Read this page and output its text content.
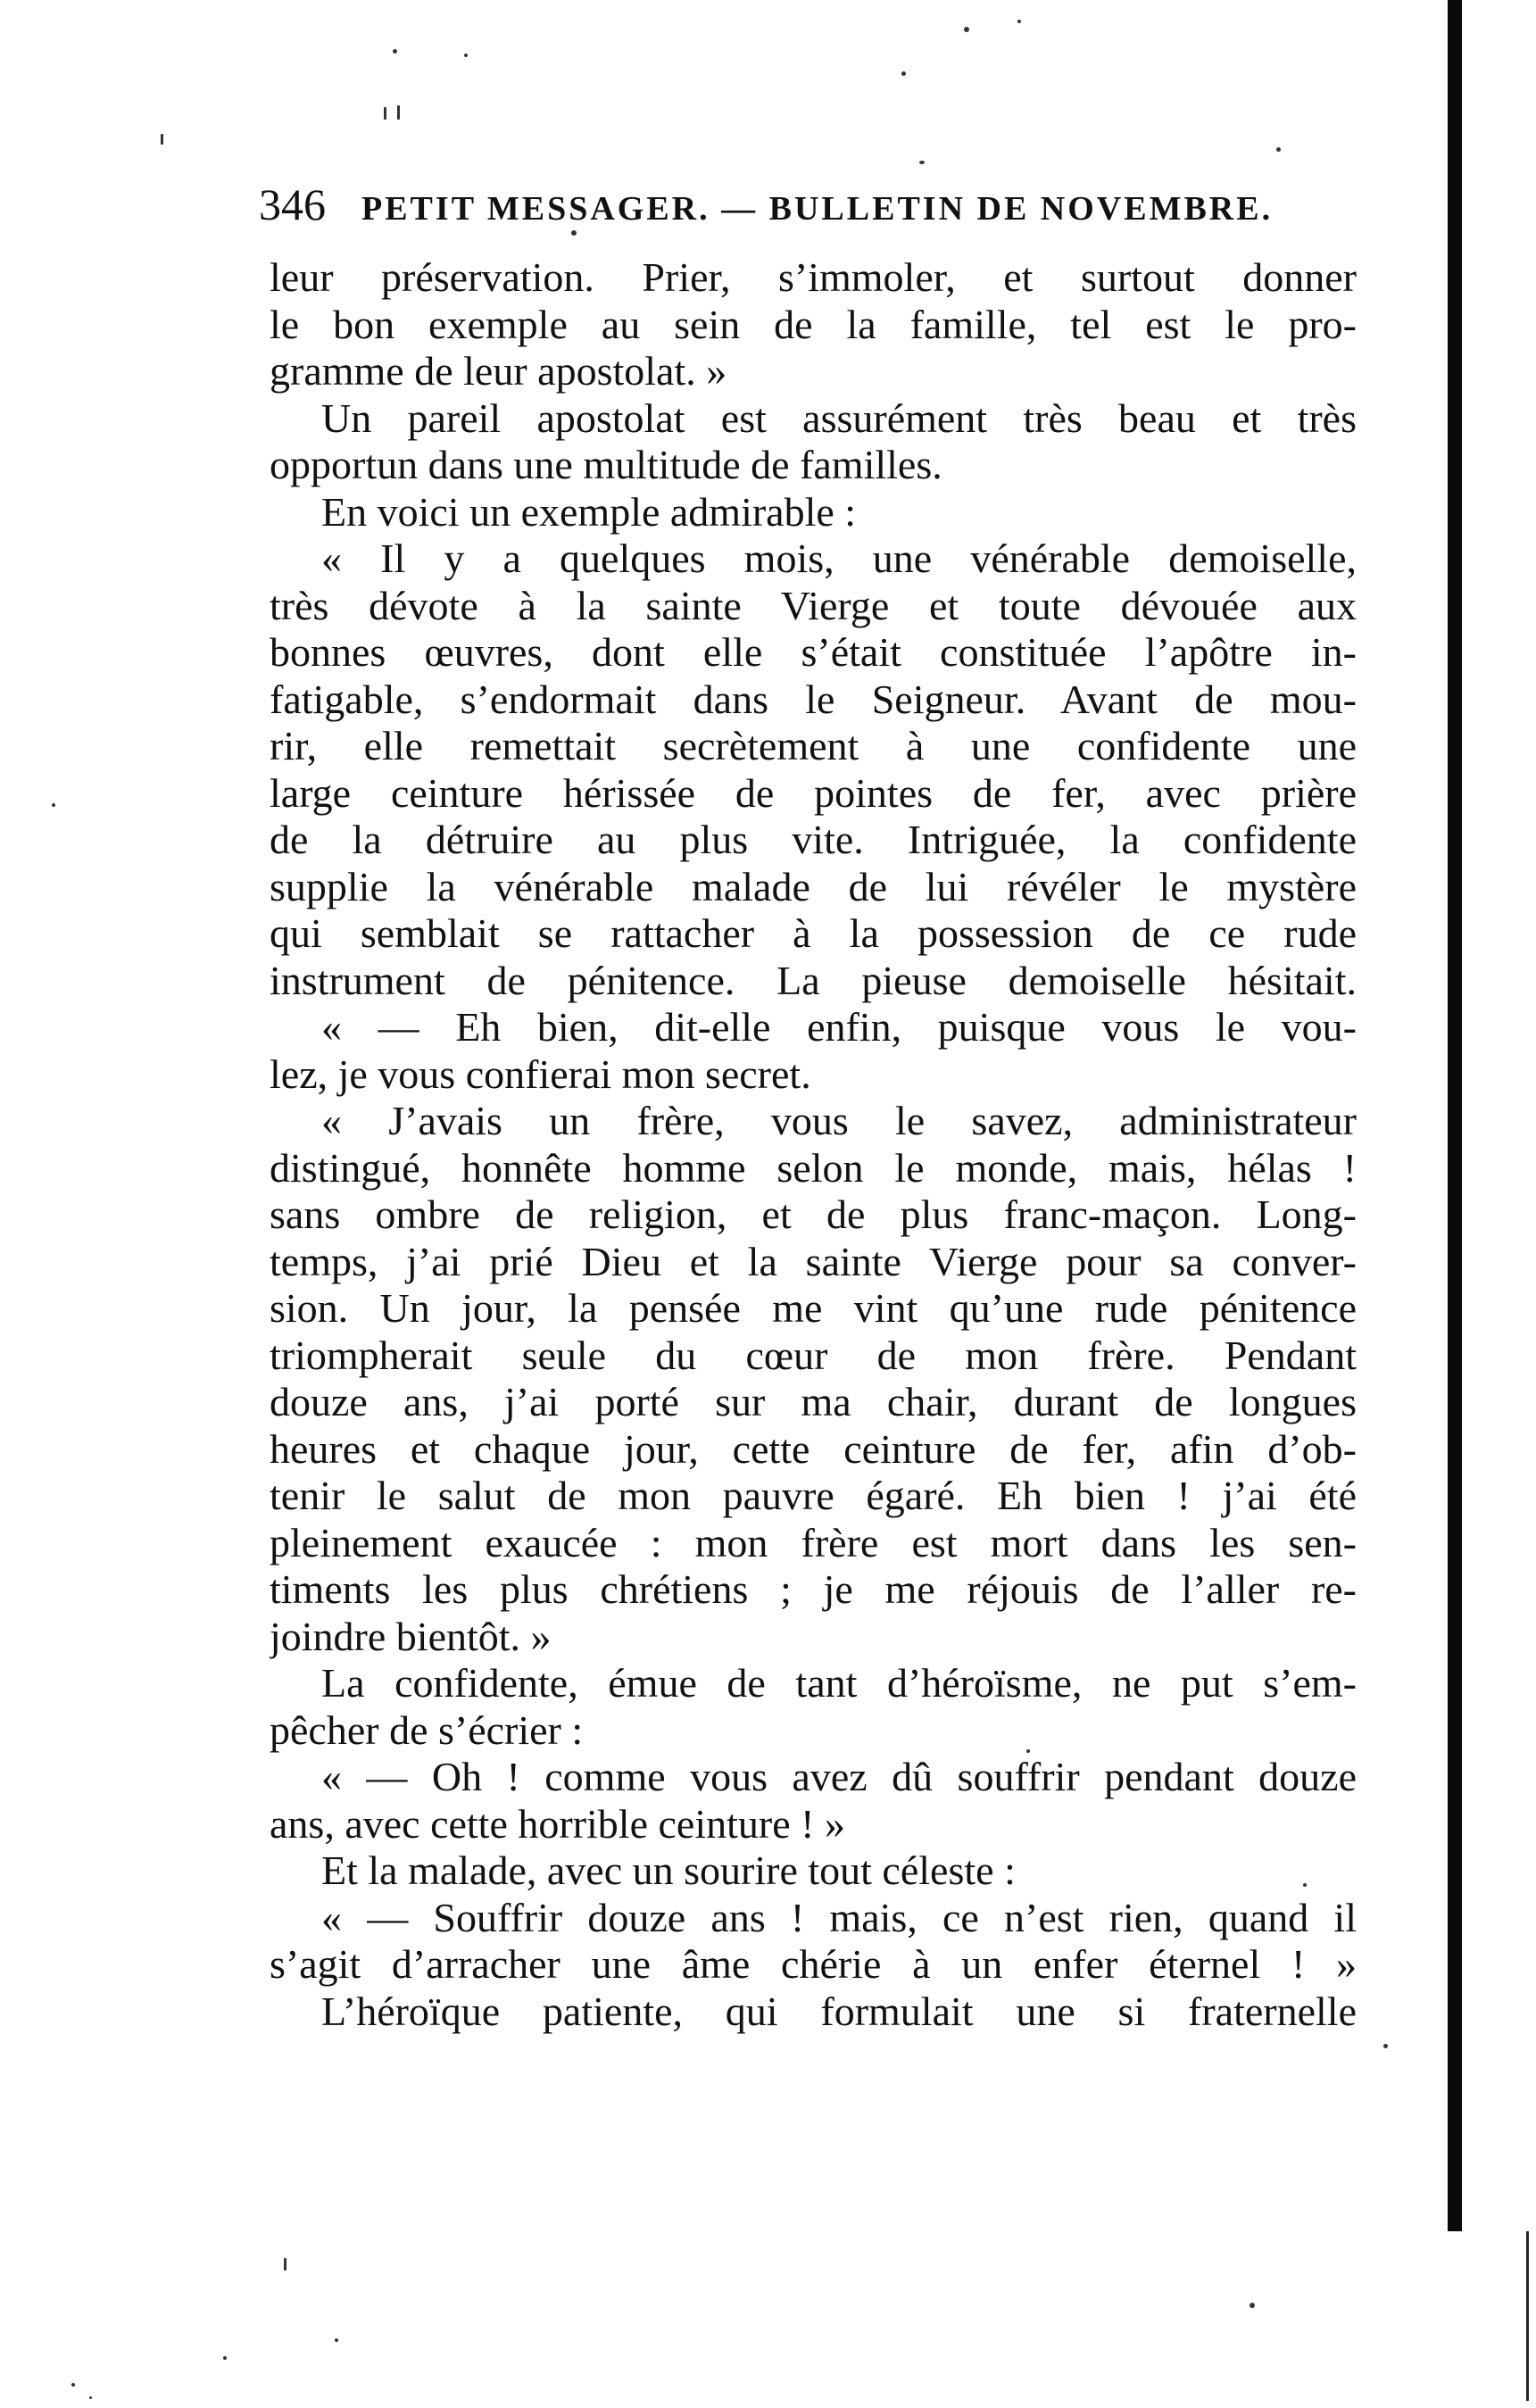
346 PETIT MESSAGER. — BULLETIN DE NOVEMBRE.
leur préservation. Prier, s’immoler, et surtout donner
le bon exemple au sein de la famille, tel est le pro-
gramme de leur apostolat. »
Un pareil apostolat est assurément très beau et très
opportun dans une multitude de familles.
En voici un exemple admirable :
« Il y a quelques mois, une vénérable demoiselle,
très dévote à la sainte Vierge et toute dévouée aux
bonnes œuvres, dont elle s’était constituée l’apôtre in-
fatigable, s’endormait dans le Seigneur. Avant de mou-
rir, elle remettait secrètement à une confidente une
large ceinture hérissée de pointes de fer, avec prière
de la détruire au plus vite. Intriguée, la confidente
supplie la vénérable malade de lui révéler le mystère
qui semblait se rattacher à la possession de ce rude
instrument de pénitence. La pieuse demoiselle hésitait.
« — Eh bien, dit-elle enfin, puisque vous le vou-
lez, je vous confierai mon secret.
« J’avais un frère, vous le savez, administrateur
distingué, honnête homme selon le monde, mais, hélas !
sans ombre de religion, et de plus franc-maçon. Long-
temps, j’ai prié Dieu et la sainte Vierge pour sa conver-
sion. Un jour, la pensée me vint qu’une rude pénitence
triompherait seule du cœur de mon frère. Pendant
douze ans, j’ai porté sur ma chair, durant de longues
heures et chaque jour, cette ceinture de fer, afin d’ob-
tenir le salut de mon pauvre égaré. Eh bien ! j’ai été
pleinement exaucée : mon frère est mort dans les sen-
timents les plus chrétiens ; je me réjouis de l’aller re-
joindre bientôt. »
La confidente, émue de tant d’héroïsme, ne put s’em-
pêcher de s’écrier :
« — Oh ! comme vous avez dû souffrir pendant douze
ans, avec cette horrible ceinture ! »
Et la malade, avec un sourire tout céleste :
« — Souffrir douze ans ! mais, ce n’est rien, quand il
s’agit d’arracher une âme chérie à un enfer éternel ! »
L’héroïque patiente, qui formulait une si fraternelle
